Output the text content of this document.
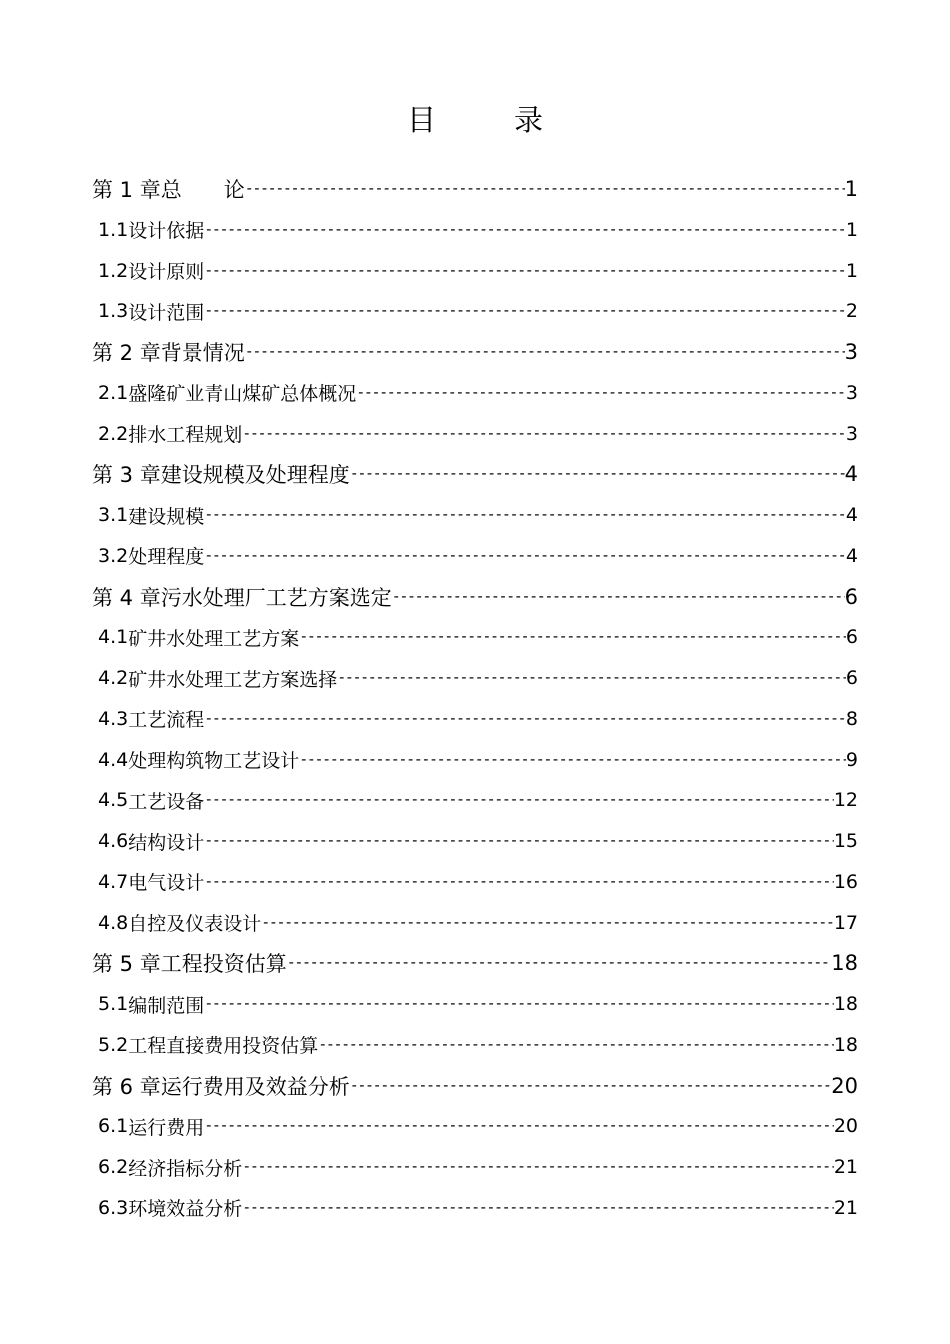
目	录
第 1 章 总　　论 -----	1
1.1 设计依据 -----	1
1.2 设计原则 -----	1
1.3 设计范围 -----	2
第 2 章 背景情况 -----	3
2.1 盛隆矿业青山煤矿总体概况 -----	3
2.2 排水工程规划 -----	3
第 3 章 建设规模及处理程度 -----	4
3.1 建设规模 -----	4
3.2 处理程度 -----	4
第 4 章 污水处理厂工艺方案选定 -----	6
4.1 矿井水处理工艺方案 -----	6
4.2 矿井水处理工艺方案选择 -----	6
4.3 工艺流程 -----	8
4.4 处理构筑物工艺设计 -----	9
4.5 工艺设备 -----	12
4.6 结构设计 -----	15
4.7 电气设计 -----	16
4.8 自控及仪表设计 -----	17
第 5 章 工程投资估算 -----	18
5.1 编制范围 -----	18
5.2 工程直接费用投资估算 -----	18
第 6 章 运行费用及效益分析 -----	20
6.1 运行费用 -----	20
6.2 经济指标分析 -----	21
6.3 环境效益分析 -----	21
